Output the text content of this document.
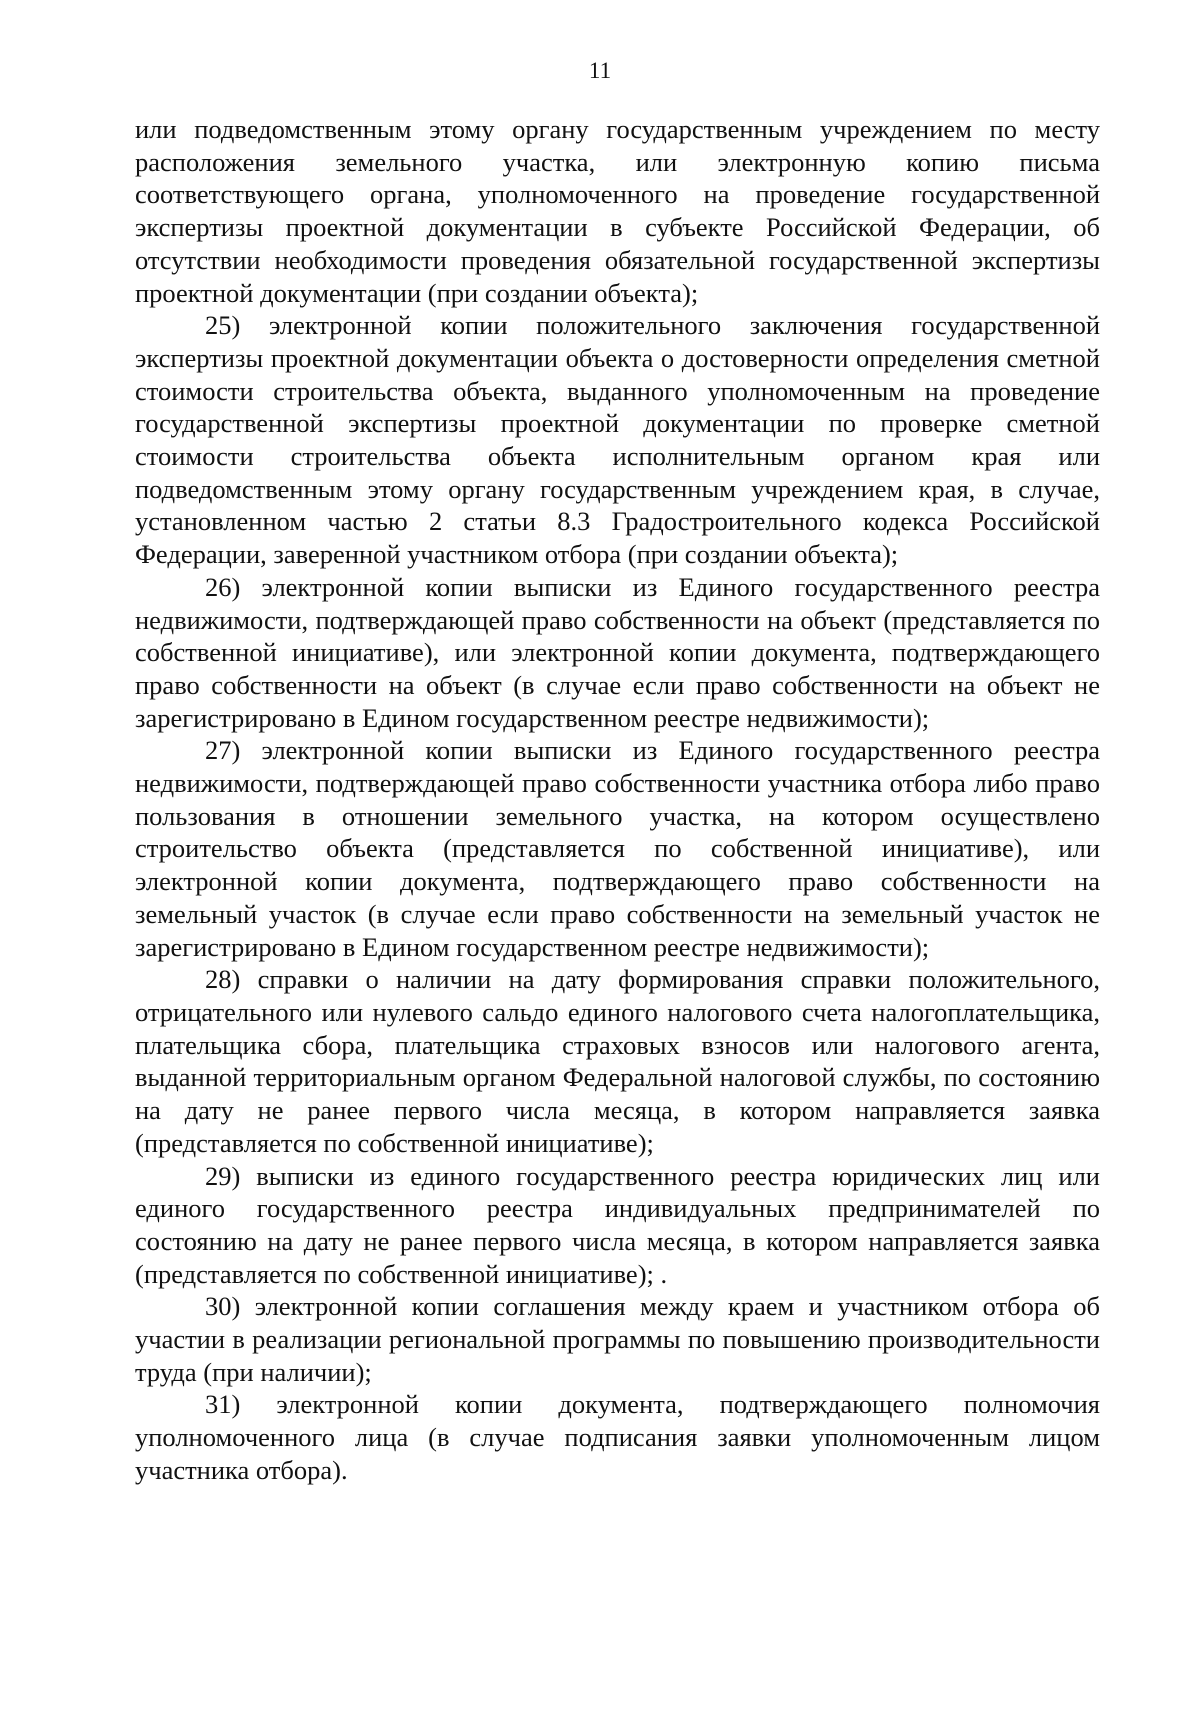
11

или подведомственным этому органу государственным учреждением по месту расположения земельного участка, или электронную копию письма соответствующего органа, уполномоченного на проведение государственной экспертизы проектной документации в субъекте Российской Федерации, об отсутствии необходимости проведения обязательной государственной экспертизы проектной документации (при создании объекта);

25) электронной копии положительного заключения государственной экспертизы проектной документации объекта о достоверности определения сметной стоимости строительства объекта, выданного уполномоченным на проведение государственной экспертизы проектной документации по проверке сметной стоимости строительства объекта исполнительным органом края или подведомственным этому органу государственным учреждением края, в случае, установленном частью 2 статьи 8.3 Градостроительного кодекса Российской Федерации, заверенной участником отбора (при создании объекта);

26) электронной копии выписки из Единого государственного реестра недвижимости, подтверждающей право собственности на объект (представляется по собственной инициативе), или электронной копии документа, подтверждающего право собственности на объект (в случае если право собственности на объект не зарегистрировано в Едином государственном реестре недвижимости);

27) электронной копии выписки из Единого государственного реестра недвижимости, подтверждающей право собственности участника отбора либо право пользования в отношении земельного участка, на котором осуществлено строительство объекта (представляется по собственной инициативе), или электронной копии документа, подтверждающего право собственности на земельный участок (в случае если право собственности на земельный участок не зарегистрировано в Едином государственном реестре недвижимости);

28) справки о наличии на дату формирования справки положительного, отрицательного или нулевого сальдо единого налогового счета налогоплательщика, плательщика сбора, плательщика страховых взносов или налогового агента, выданной территориальным органом Федеральной налоговой службы, по состоянию на дату не ранее первого числа месяца, в котором направляется заявка (представляется по собственной инициативе);

29) выписки из единого государственного реестра юридических лиц или единого государственного реестра индивидуальных предпринимателей по состоянию на дату не ранее первого числа месяца, в котором направляется заявка (представляется по собственной инициативе); .

30) электронной копии соглашения между краем и участником отбора об участии в реализации региональной программы по повышению производительности труда (при наличии);

31) электронной копии документа, подтверждающего полномочия уполномоченного лица (в случае подписания заявки уполномоченным лицом участника отбора).
